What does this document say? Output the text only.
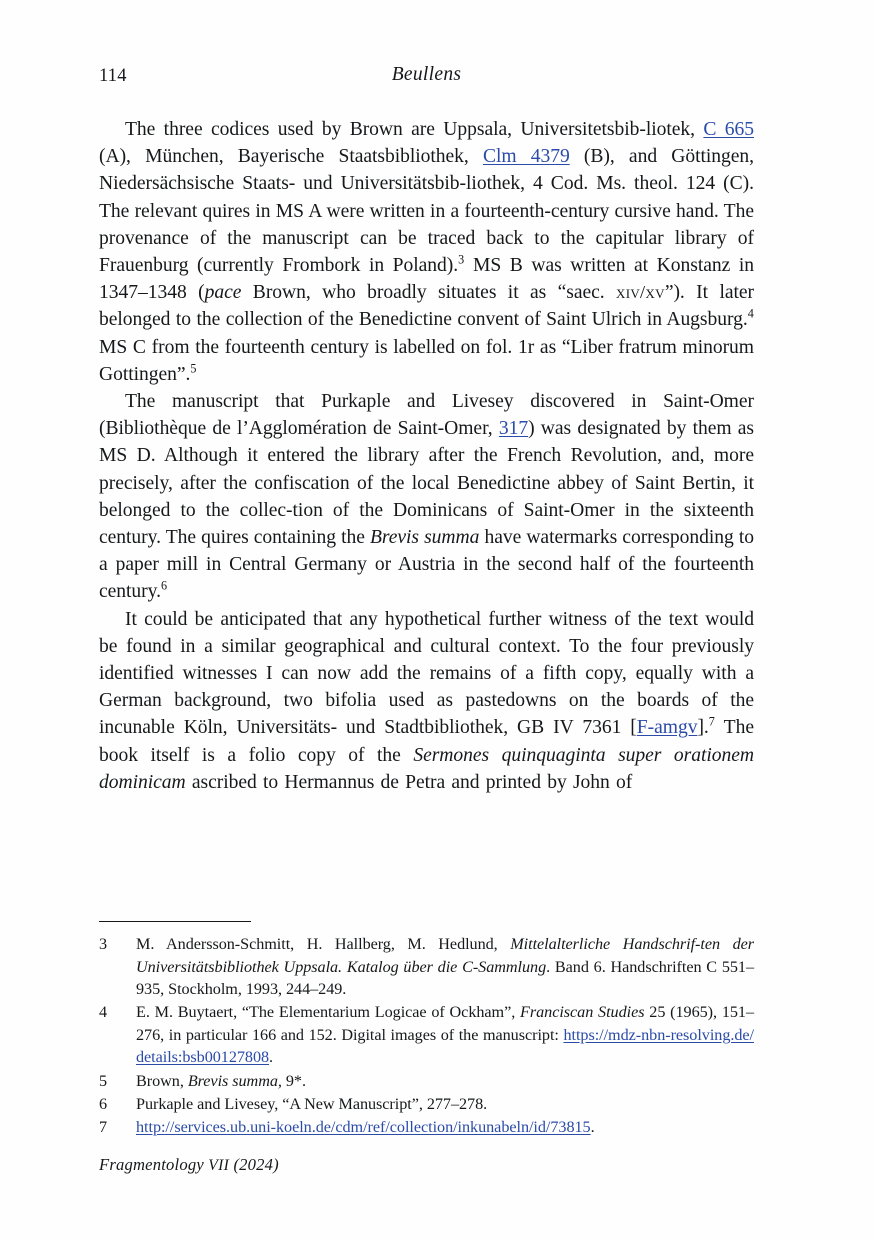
114	Beullens

The three codices used by Brown are Uppsala, Universitetsbib-liotek, C 665 (A), München, Bayerische Staatsbibliothek, Clm 4379 (B), and Göttingen, Niedersächsische Staats- und Universitätsbib-liothek, 4 Cod. Ms. theol. 124 (C). The relevant quires in MS A were written in a fourteenth-century cursive hand. The provenance of the manuscript can be traced back to the capitular library of Frauenburg (currently Frombork in Poland).$^3$ MS B was written at Konstanz in 1347–1348 (pace Brown, who broadly situates it as “saec. xiv/xv”). It later belonged to the collection of the Benedictine convent of Saint Ulrich in Augsburg.$^4$ MS C from the fourteenth century is labelled on fol. 1r as “Liber fratrum minorum Gottingen”.$^5$

The manuscript that Purkaple and Livesey discovered in Saint-Omer (Bibliothèque de l’Agglomération de Saint-Omer, 317) was designated by them as MS D. Although it entered the library after the French Revolution, and, more precisely, after the confiscation of the local Benedictine abbey of Saint Bertin, it belonged to the collec-tion of the Dominicans of Saint-Omer in the sixteenth century. The quires containing the Brevis summa have watermarks corresponding to a paper mill in Central Germany or Austria in the second half of the fourteenth century.$^6$

It could be anticipated that any hypothetical further witness of the text would be found in a similar geographical and cultural context. To the four previously identified witnesses I can now add the remains of a fifth copy, equally with a German background, two bifolia used as pastedowns on the boards of the incunable Köln, Universitäts- und Stadtbibliothek, GB IV 7361 [F-amgv].$^7$ The book itself is a folio copy of the Sermones quinquaginta super orationem dominicam ascribed to Hermannus de Petra and printed by John of

3	M. Andersson-Schmitt, H. Hallberg, M. Hedlund, Mittelalterliche Handschrif-ten der Universitätsbibliothek Uppsala. Katalog über die C-Sammlung. Band 6. Handschriften C 551–935, Stockholm, 1993, 244–249.
4	E. M. Buytaert, “The Elementarium Logicae of Ockham”, Franciscan Studies 25 (1965), 151–276, in particular 166 and 152. Digital images of the manuscript: https://mdz-nbn-resolving.de/details:bsb00127808.
5	Brown, Brevis summa, 9*.
6	Purkaple and Livesey, “A New Manuscript”, 277–278.
7	http://services.ub.uni-koeln.de/cdm/ref/collection/inkunabeln/id/73815.
Fragmentology VII (2024)
